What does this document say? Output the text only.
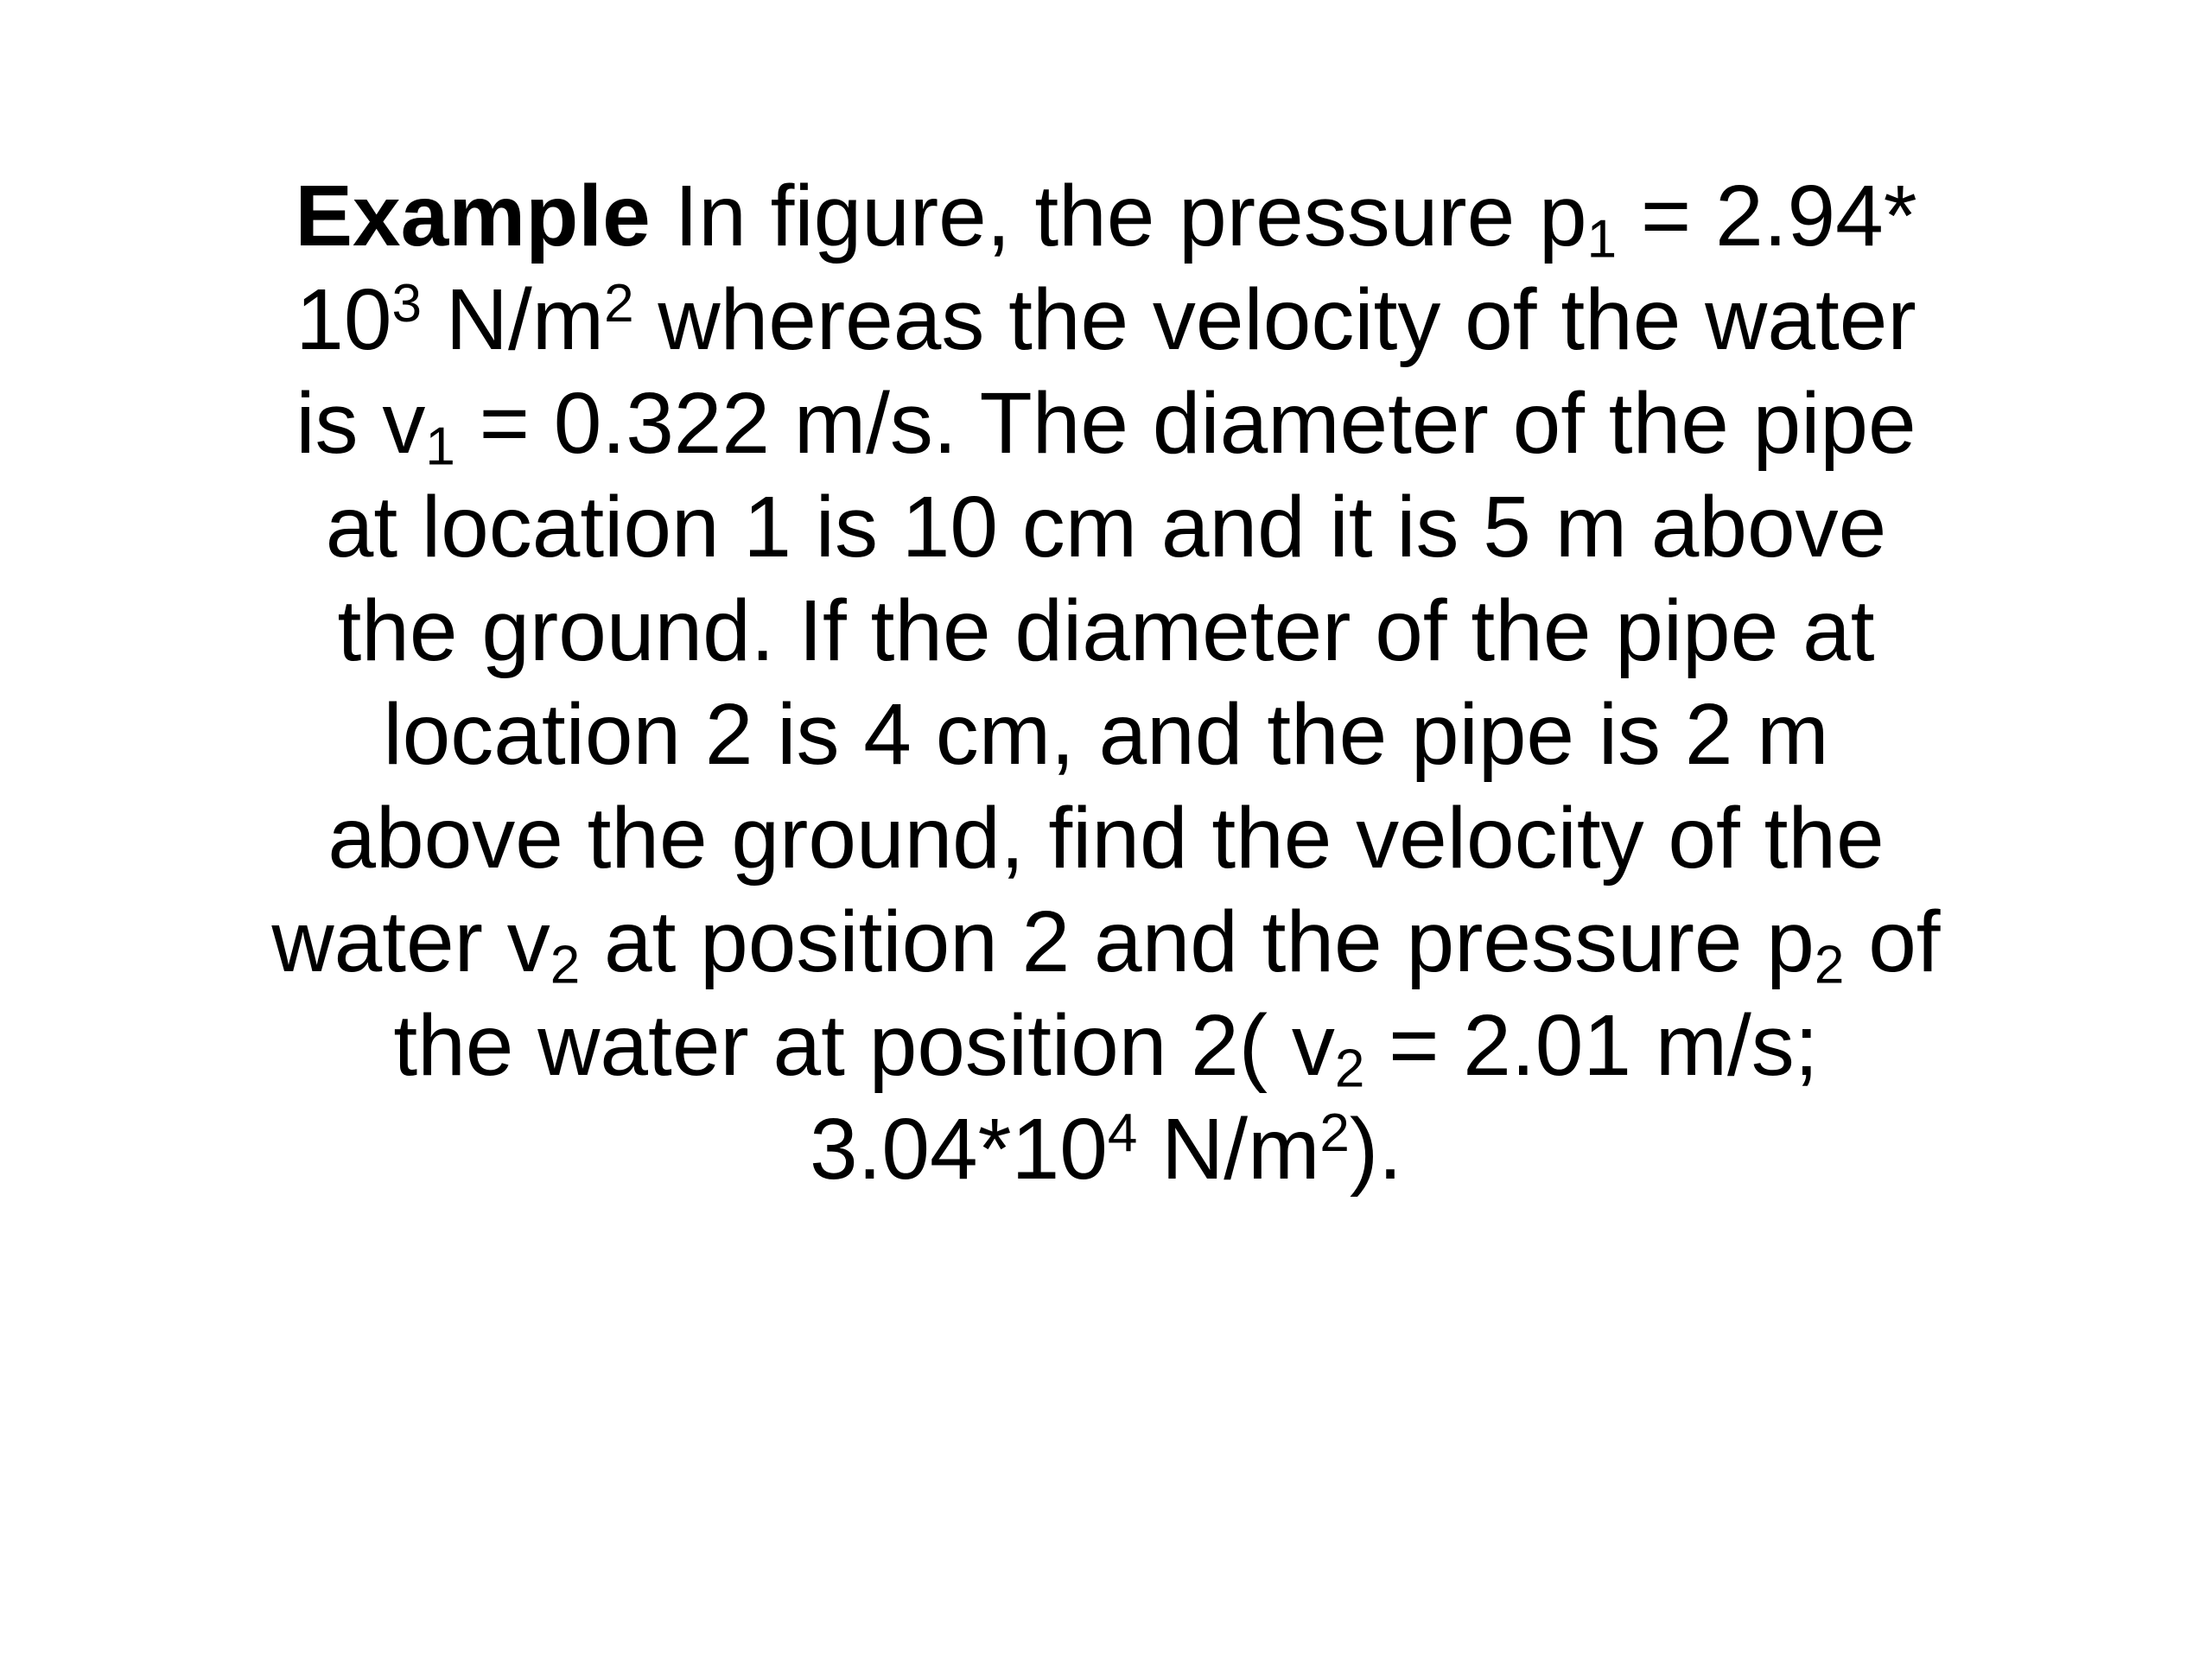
Example In figure, the pressure $p_1 = 2.94*$
$10^3$ $N/m^2$ whereas the velocity of the water
is $v_1 = 0.322$ m/s. The diameter of the pipe
at location 1 is 10 cm and it is 5 m above
the ground. If the diameter of the pipe at
location 2 is 4 cm, and the pipe is 2 m
above the ground, find the velocity of the
water $v_2$ at position 2 and the pressure $p_2$ of
the water at position 2( $v_2 = 2.01$ m/s;
$3.04*10^4$ $N/m^2$).
